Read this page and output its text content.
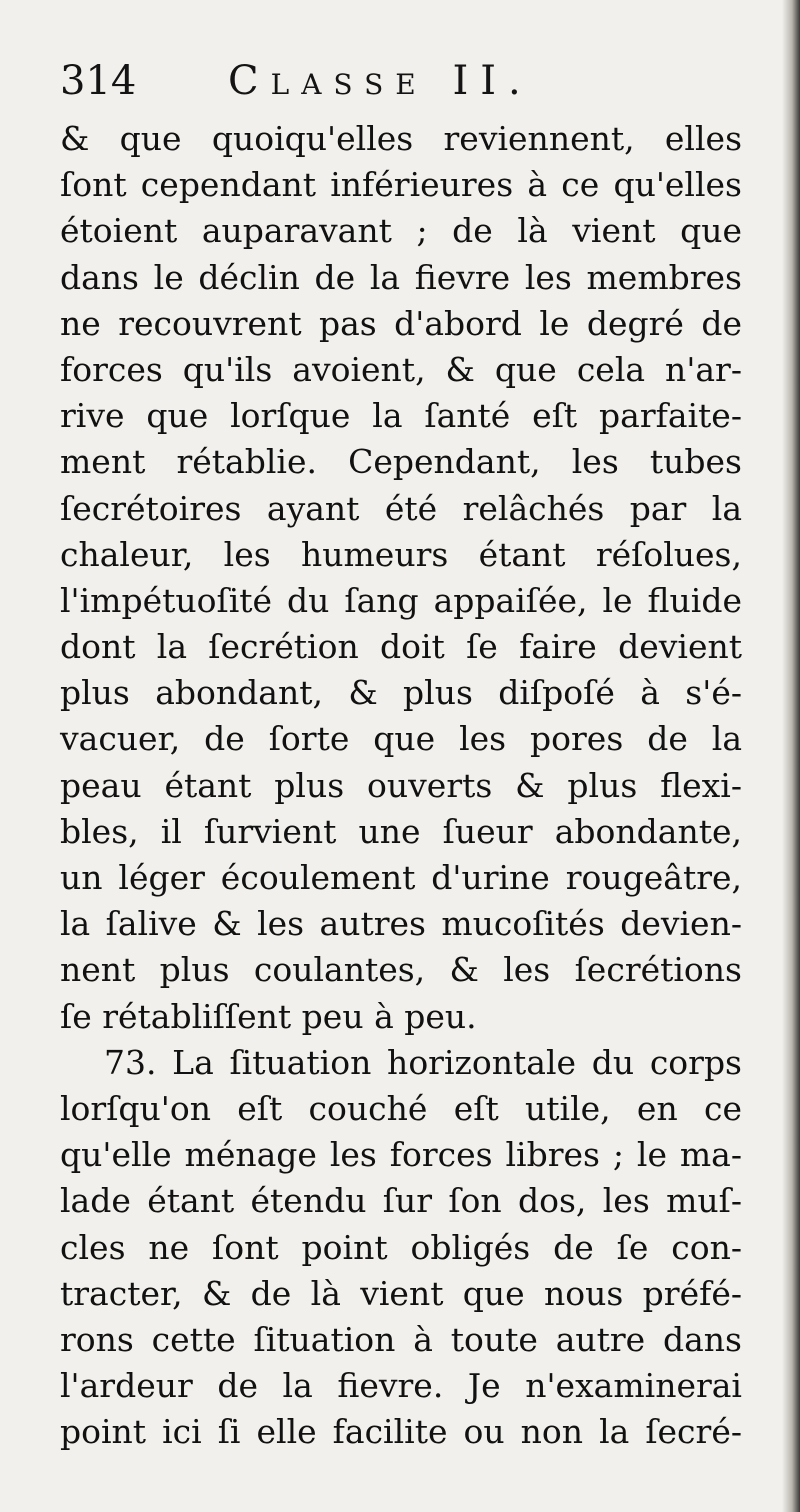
314 Classe II.
& que quoiqu'elles reviennent, elles
ſont cependant inférieures à ce qu'elles
étoient auparavant ; de là vient que
dans le déclin de la fievre les membres
ne recouvrent pas d'abord le degré de
forces qu'ils avoient, & que cela n'ar-
rive que lorſque la ſanté eſt parfaite-
ment rétablie. Cependant, les tubes
ſecrétoires ayant été relâchés par la
chaleur, les humeurs étant réſolues,
l'impétuoſité du ſang appaiſée, le fluide
dont la ſecrétion doit ſe faire devient
plus abondant, & plus diſpoſé à s'é-
vacuer, de ſorte que les pores de la
peau étant plus ouverts & plus flexi-
bles, il ſurvient une ſueur abondante,
un léger écoulement d'urine rougeâtre,
la ſalive & les autres mucoſités devien-
nent plus coulantes, & les ſecrétions
ſe rétabliſſent peu à peu.
73. La ſituation horizontale du corps
lorſqu'on eſt couché eſt utile, en ce
qu'elle ménage les forces libres ; le ma-
lade étant étendu ſur ſon dos, les muſ-
cles ne ſont point obligés de ſe con-
tracter, & de là vient que nous préfé-
rons cette ſituation à toute autre dans
l'ardeur de la fievre. Je n'examinerai
point ici ſi elle facilite ou non la ſecré-
